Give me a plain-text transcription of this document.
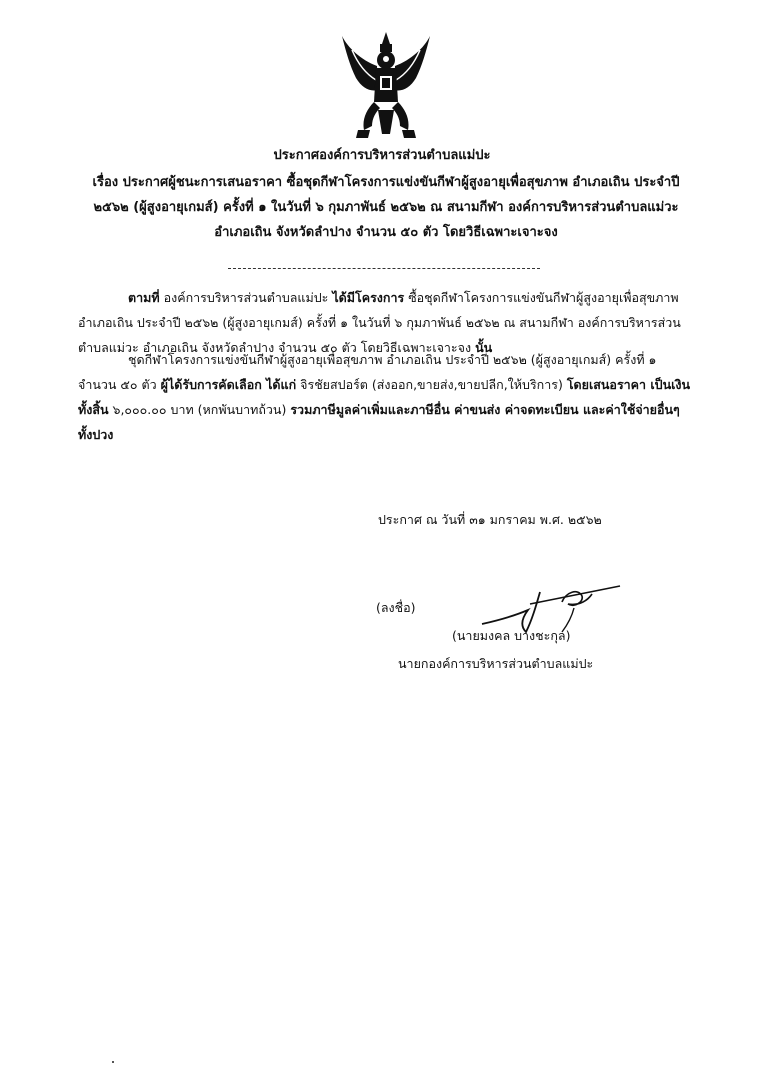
ประกาศองค์การบริหารส่วนตำบลแม่ปะ
เรื่อง ประกาศผู้ชนะการเสนอราคา ซื้อชุดกีฬาโครงการแข่งขันกีฬาผู้สูงอายุเพื่อสุขภาพ อำเภอเถิน ประจำปี ๒๕๖๒ (ผู้สูงอายุเกมส์) ครั้งที่ ๑ ในวันที่ ๖ กุมภาพันธ์ ๒๕๖๒ ณ สนามกีฬา องค์การบริหารส่วนตำบลแม่วะ อำเภอเถิน จังหวัดลำปาง จำนวน ๕๐ ตัว โดยวิธีเฉพาะเจาะจง
ตามที่ องค์การบริหารส่วนตำบลแม่ปะ ได้มีโครงการ ซื้อชุดกีฬาโครงการแข่งขันกีฬาผู้สูงอายุเพื่อสุขภาพ อำเภอเถิน ประจำปี ๒๕๖๒ (ผู้สูงอายุเกมส์) ครั้งที่ ๑ ในวันที่ ๖ กุมภาพันธ์ ๒๕๖๒ ณ สนามกีฬา องค์การบริหารส่วนตำบลแม่วะ อำเภอเถิน จังหวัดลำปาง จำนวน ๕๐ ตัว โดยวิธีเฉพาะเจาะจง นั้น
ชุดกีฬาโครงการแข่งขันกีฬาผู้สูงอายุเพื่อสุขภาพ อำเภอเถิน ประจำปี ๒๕๖๒ (ผู้สูงอายุเกมส์) ครั้งที่ ๑ จำนวน ๕๐ ตัว ผู้ได้รับการคัดเลือก ได้แก่ จิรชัยสปอร์ต (ส่งออก,ขายส่ง,ขายปลีก,ให้บริการ) โดยเสนอราคา เป็นเงินทั้งสิ้น ๖,๐๐๐.๐๐ บาท (หกพันบาทถ้วน) รวมภาษีมูลค่าเพิ่มและภาษีอื่น ค่าขนส่ง ค่าจดทะเบียน และค่าใช้จ่ายอื่นๆ ทั้งปวง
ประกาศ ณ วันที่ ๓๑ มกราคม พ.ศ. ๒๕๖๒
(ลงชื่อ)
(นายมงคล บางชะกุล)
นายกองค์การบริหารส่วนตำบลแม่ปะ
